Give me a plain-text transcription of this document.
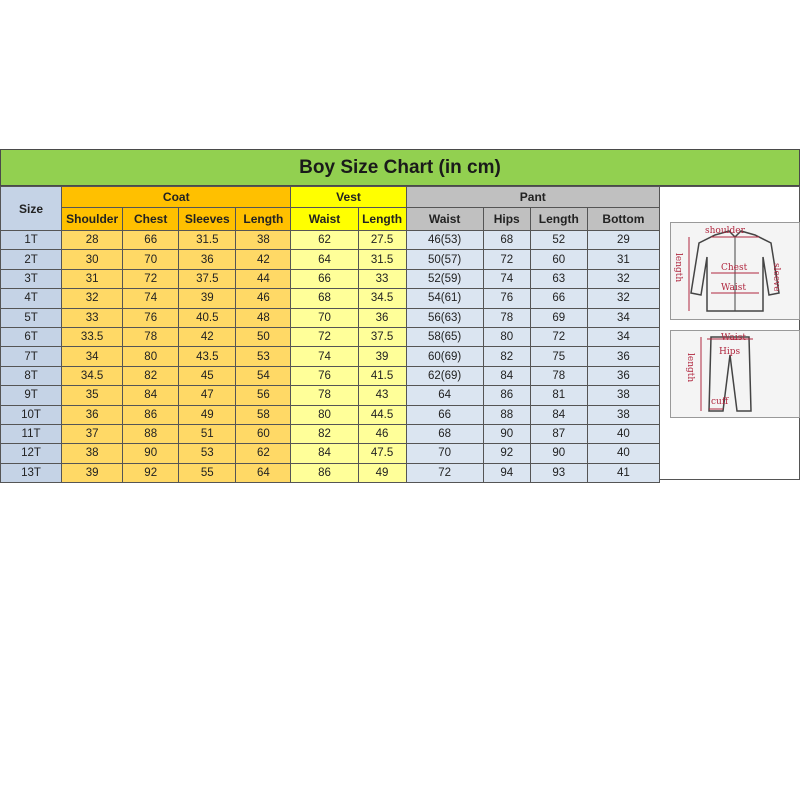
Boy Size Chart (in cm)
Size	Coat				Vest		Pant			
	Shoulder	Chest	Sleeves	Length	Waist	Length	Waist	Hips	Length	Bottom
1T	28	66	31.5	38	62	27.5	46(53)	68	52	29
2T	30	70	36	42	64	31.5	50(57)	72	60	31
3T	31	72	37.5	44	66	33	52(59)	74	63	32
4T	32	74	39	46	68	34.5	54(61)	76	66	32
5T	33	76	40.5	48	70	36	56(63)	78	69	34
6T	33.5	78	42	50	72	37.5	58(65)	80	72	34
7T	34	80	43.5	53	74	39	60(69)	82	75	36
8T	34.5	82	45	54	76	41.5	62(69)	84	78	36
9T	35	84	47	56	78	43	64	86	81	38
10T	36	86	49	58	80	44.5	66	88	84	38
11T	37	88	51	60	82	46	68	90	87	40
12T	38	90	53	62	84	47.5	70	92	90	40
13T	39	92	55	64	86	49	72	94	93	41
shoulder
sleeve
length	Chest
Waist
Waist
Hips
length
cuff
